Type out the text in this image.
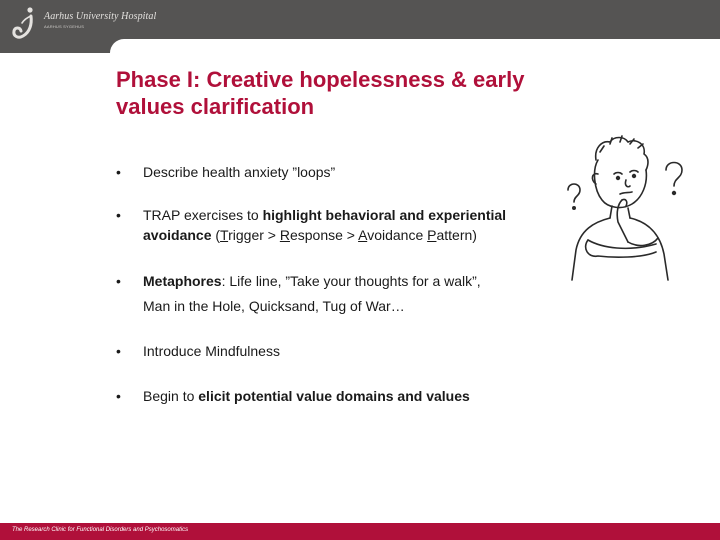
Aarhus University Hospital
AARHUS SYGEHUS
Phase I: Creative hopelessness & early
values clarification
• Describe health anxiety ”loops”
• TRAP exercises to highlight behavioral and experiential
avoidance (Trigger > Response > Avoidance Pattern)
• Metaphores: Life line, ”Take your thoughts for a walk”,
Man in the Hole, Quicksand, Tug of War…
• Introduce Mindfulness
• Begin to elicit potential value domains and values
The Research Clinic for Functional Disorders and Psychosomatics
